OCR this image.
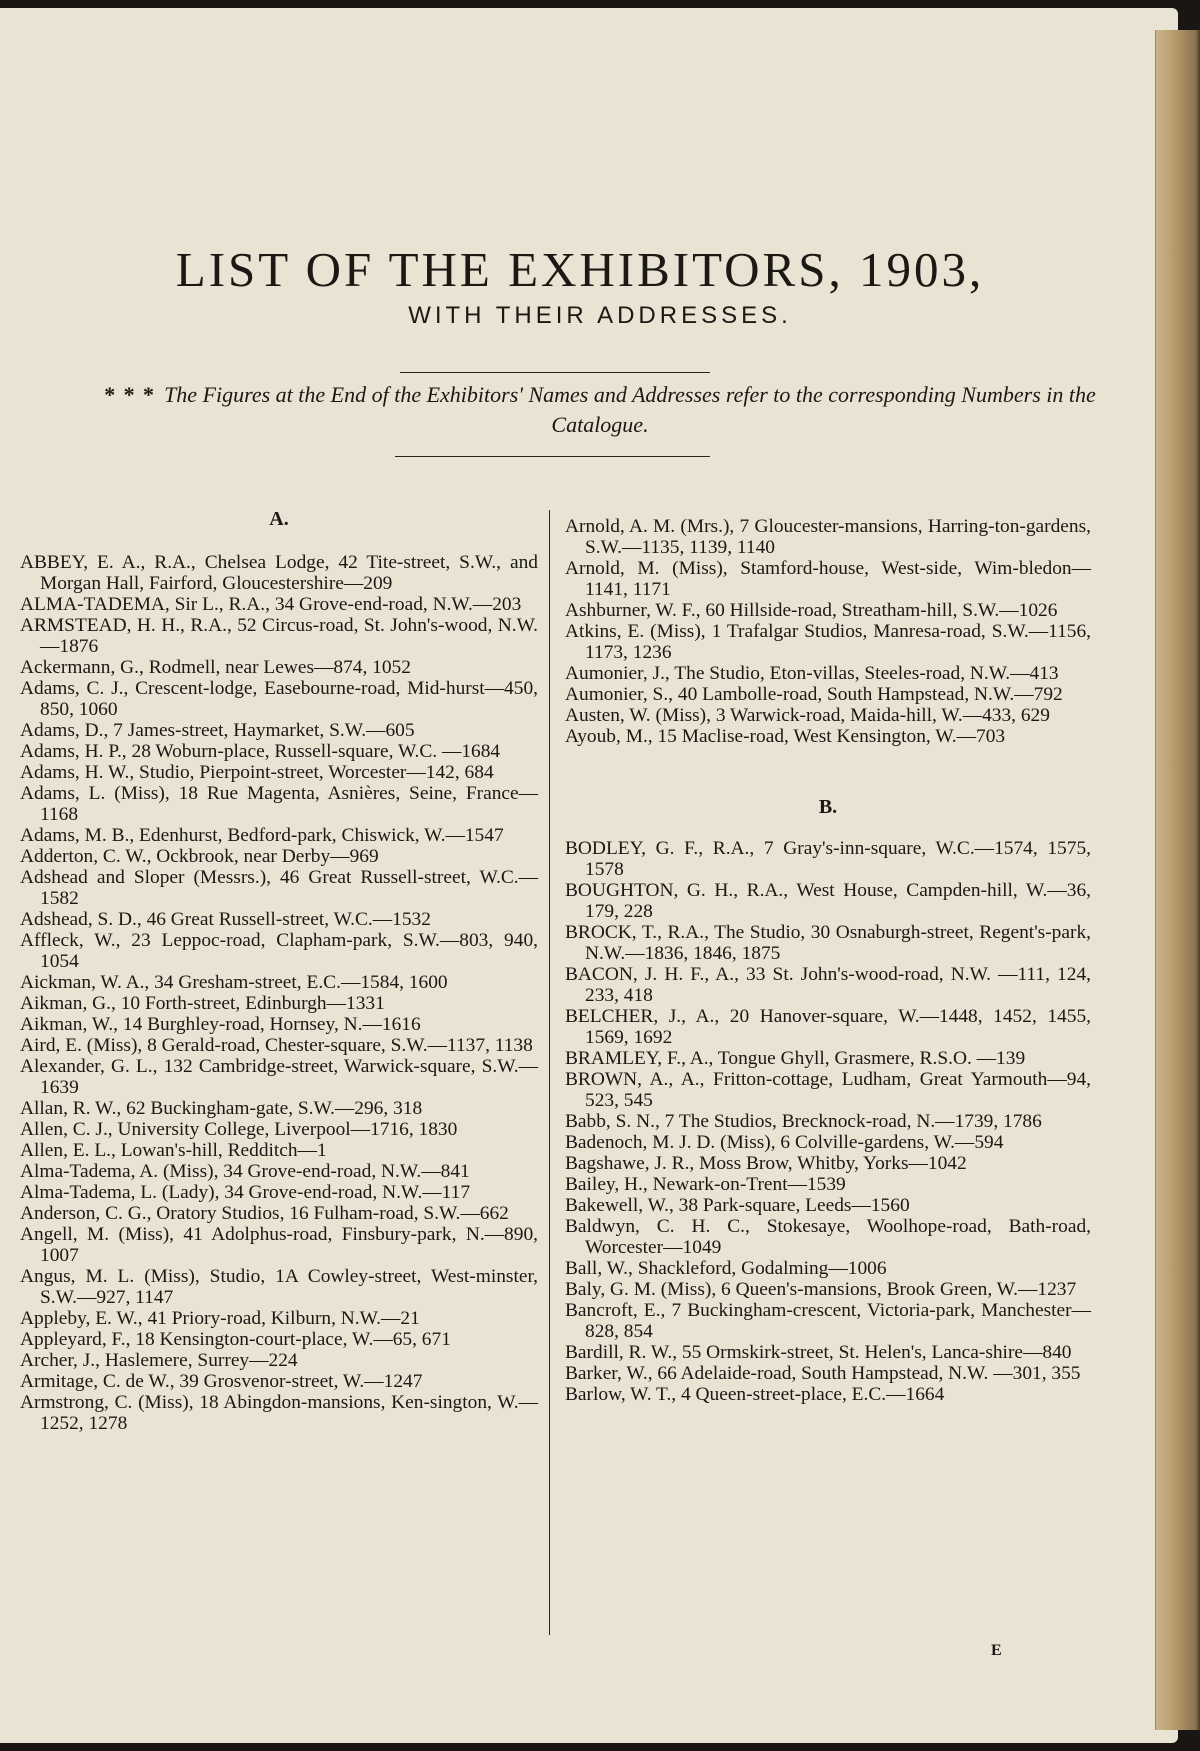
LIST OF THE EXHIBITORS, 1903,
WITH THEIR ADDRESSES.
* * * The Figures at the End of the Exhibitors' Names and Addresses refer to the corresponding Numbers in the Catalogue.
A.
ABBEY, E. A., R.A., Chelsea Lodge, 42 Tite-street, S.W., and Morgan Hall, Fairford, Gloucestershire—209
ALMA-TADEMA, Sir L., R.A., 34 Grove-end-road, N.W.—203
ARMSTEAD, H. H., R.A., 52 Circus-road, St. John's-wood, N.W.—1876
Ackermann, G., Rodmell, near Lewes—874, 1052
Adams, C. J., Crescent-lodge, Easebourne-road, Mid-hurst—450, 850, 1060
Adams, D., 7 James-street, Haymarket, S.W.—605
Adams, H. P., 28 Woburn-place, Russell-square, W.C. —1684
Adams, H. W., Studio, Pierpoint-street, Worcester—142, 684
Adams, L. (Miss), 18 Rue Magenta, Asnières, Seine, France—1168
Adams, M. B., Edenhurst, Bedford-park, Chiswick, W.—1547
Adderton, C. W., Ockbrook, near Derby—969
Adshead and Sloper (Messrs.), 46 Great Russell-street, W.C.—1582
Adshead, S. D., 46 Great Russell-street, W.C.—1532
Affleck, W., 23 Leppoc-road, Clapham-park, S.W.—803, 940, 1054
Aickman, W. A., 34 Gresham-street, E.C.—1584, 1600
Aikman, G., 10 Forth-street, Edinburgh—1331
Aikman, W., 14 Burghley-road, Hornsey, N.—1616
Aird, E. (Miss), 8 Gerald-road, Chester-square, S.W.—1137, 1138
Alexander, G. L., 132 Cambridge-street, Warwick-square, S.W.—1639
Allan, R. W., 62 Buckingham-gate, S.W.—296, 318
Allen, C. J., University College, Liverpool—1716, 1830
Allen, E. L., Lowan's-hill, Redditch—1
Alma-Tadema, A. (Miss), 34 Grove-end-road, N.W.—841
Alma-Tadema, L. (Lady), 34 Grove-end-road, N.W.—117
Anderson, C. G., Oratory Studios, 16 Fulham-road, S.W.—662
Angell, M. (Miss), 41 Adolphus-road, Finsbury-park, N.—890, 1007
Angus, M. L. (Miss), Studio, 1A Cowley-street, West-minster, S.W.—927, 1147
Appleby, E. W., 41 Priory-road, Kilburn, N.W.—21
Appleyard, F., 18 Kensington-court-place, W.—65, 671
Archer, J., Haslemere, Surrey—224
Armitage, C. de W., 39 Grosvenor-street, W.—1247
Armstrong, C. (Miss), 18 Abingdon-mansions, Ken-sington, W.—1252, 1278
Arnold, A. M. (Mrs.), 7 Gloucester-mansions, Harring-ton-gardens, S.W.—1135, 1139, 1140
Arnold, M. (Miss), Stamford-house, West-side, Wim-bledon—1141, 1171
Ashburner, W. F., 60 Hillside-road, Streatham-hill, S.W.—1026
Atkins, E. (Miss), 1 Trafalgar Studios, Manresa-road, S.W.—1156, 1173, 1236
Aumonier, J., The Studio, Eton-villas, Steeles-road, N.W.—413
Aumonier, S., 40 Lambolle-road, South Hampstead, N.W.—792
Austen, W. (Miss), 3 Warwick-road, Maida-hill, W.—433, 629
Ayoub, M., 15 Maclise-road, West Kensington, W.—703
B.
BODLEY, G. F., R.A., 7 Gray's-inn-square, W.C.—1574, 1575, 1578
BOUGHTON, G. H., R.A., West House, Campden-hill, W.—36, 179, 228
BROCK, T., R.A., The Studio, 30 Osnaburgh-street, Regent's-park, N.W.—1836, 1846, 1875
BACON, J. H. F., A., 33 St. John's-wood-road, N.W. —111, 124, 233, 418
BELCHER, J., A., 20 Hanover-square, W.—1448, 1452, 1455, 1569, 1692
BRAMLEY, F., A., Tongue Ghyll, Grasmere, R.S.O. —139
BROWN, A., A., Fritton-cottage, Ludham, Great Yarmouth—94, 523, 545
Babb, S. N., 7 The Studios, Brecknock-road, N.—1739, 1786
Badenoch, M. J. D. (Miss), 6 Colville-gardens, W.—594
Bagshawe, J. R., Moss Brow, Whitby, Yorks—1042
Bailey, H., Newark-on-Trent—1539
Bakewell, W., 38 Park-square, Leeds—1560
Baldwyn, C. H. C., Stokesaye, Woolhope-road, Bath-road, Worcester—1049
Ball, W., Shackleford, Godalming—1006
Baly, G. M. (Miss), 6 Queen's-mansions, Brook Green, W.—1237
Bancroft, E., 7 Buckingham-crescent, Victoria-park, Manchester—828, 854
Bardill, R. W., 55 Ormskirk-street, St. Helen's, Lanca-shire—840
Barker, W., 66 Adelaide-road, South Hampstead, N.W. —301, 355
Barlow, W. T., 4 Queen-street-place, E.C.—1664
E
